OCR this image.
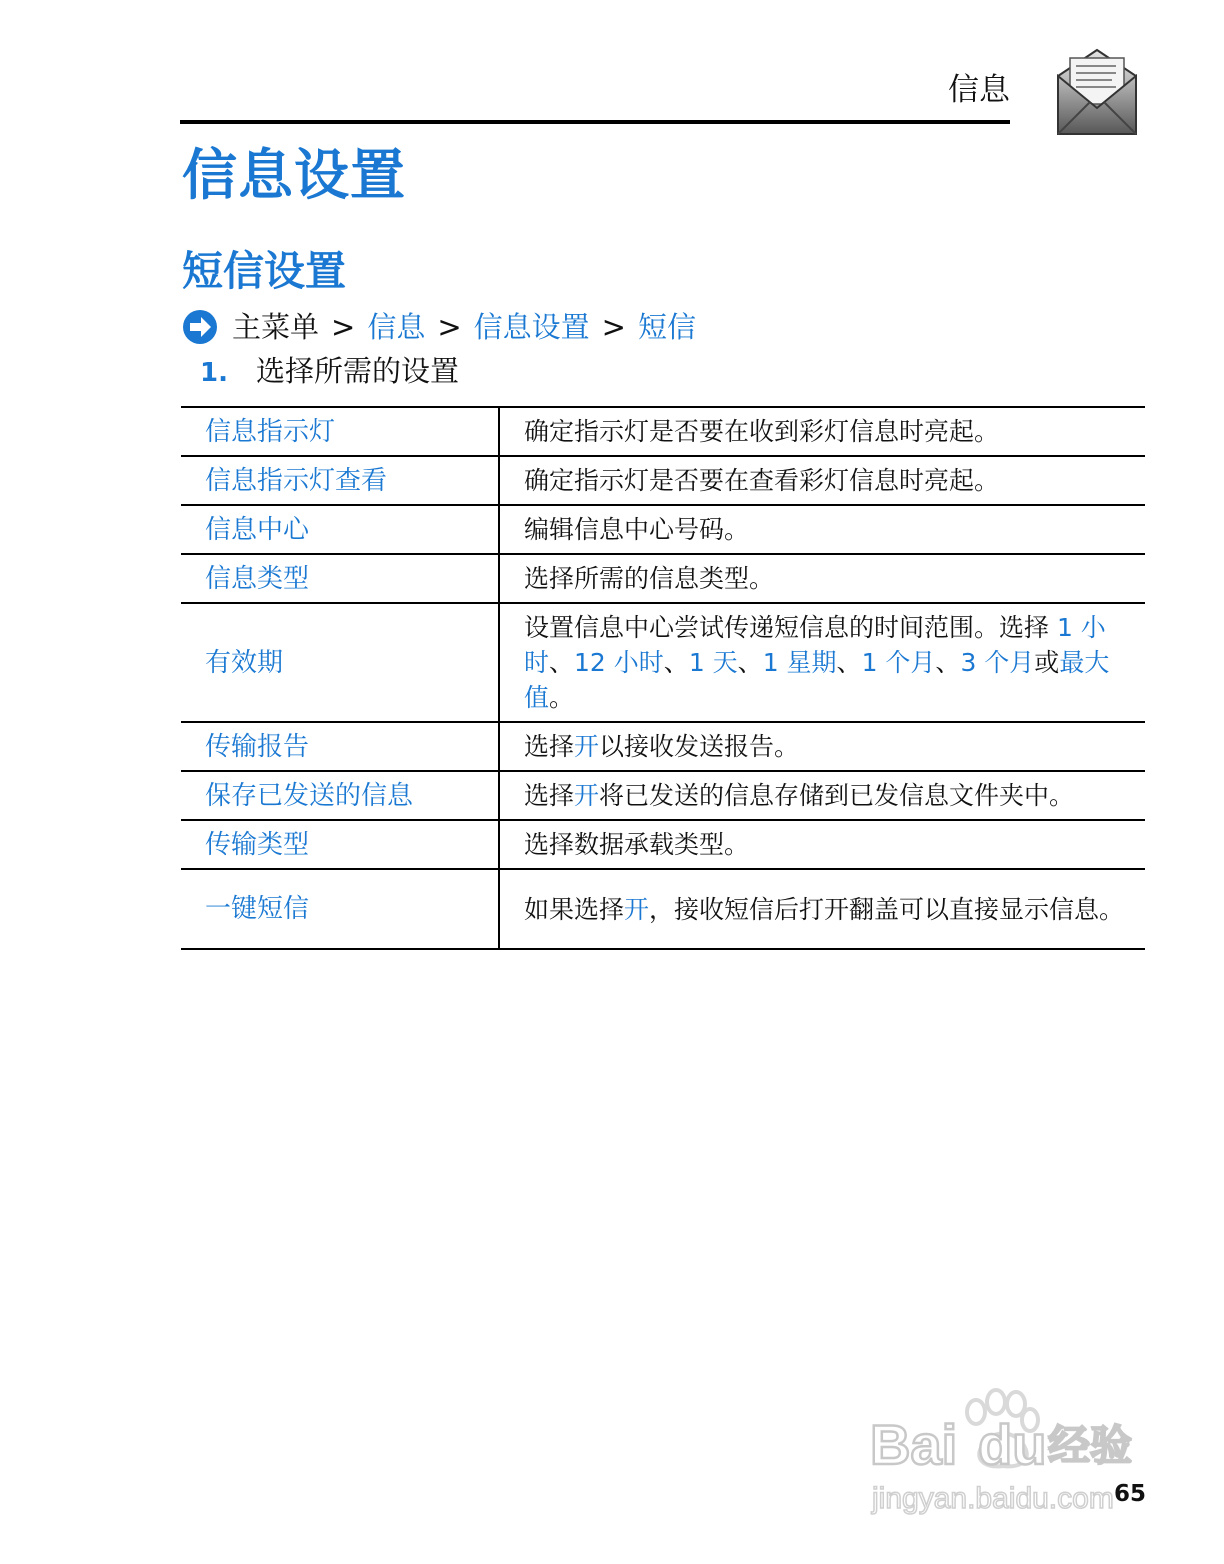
信息
信息设置
短信设置
主菜单 > 信息 > 信息设置 > 短信
1. 选择所需的设置
信息指示灯	确定指示灯是否要在收到彩灯信息时亮起。
信息指示灯查看	确定指示灯是否要在查看彩灯信息时亮起。
信息中心	编辑信息中心号码。
信息类型	选择所需的信息类型。
有效期	设置信息中心尝试传递短信息的时间范围。选择 1 小时、12 小时、1 天、1 星期、1 个月、3 个月或最大值。
传输报告	选择开以接收发送报告。
保存已发送的信息	选择开将已发送的信息存储到已发信息文件夹中。
传输类型	选择数据承载类型。
一键短信	如果选择开，接收短信后打开翻盖可以直接显示信息。
Bai du 经验
jingyan.baidu.com 65
